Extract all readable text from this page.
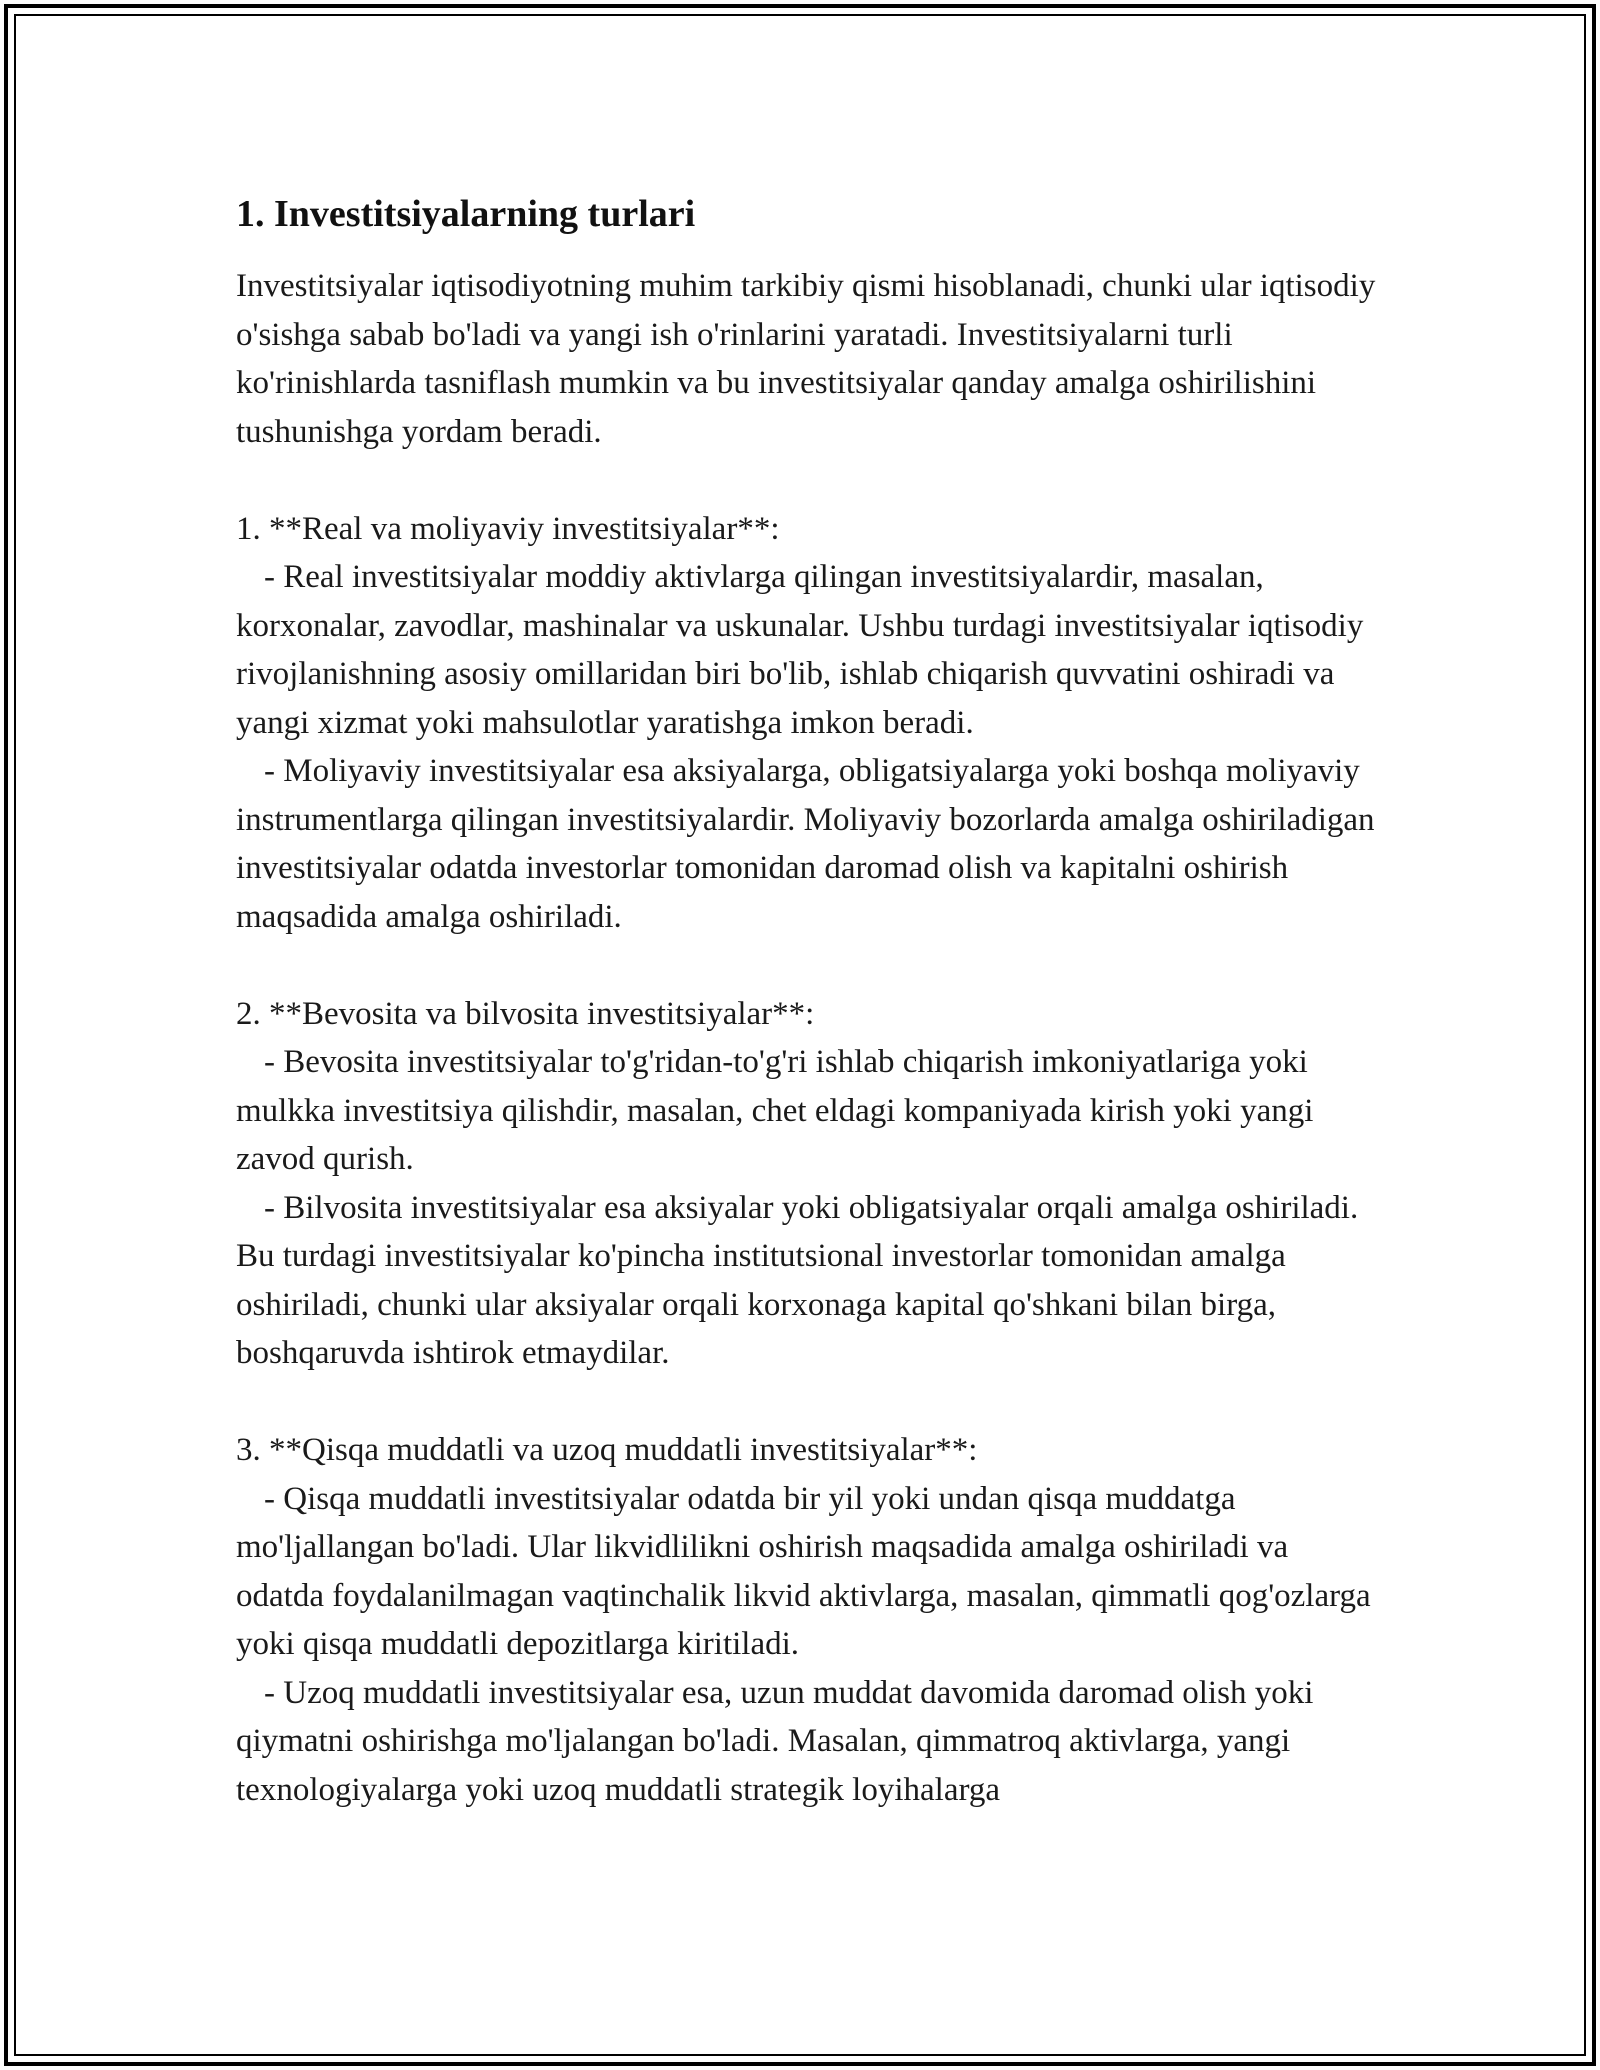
1. Investitsiyalarning turlari

Investitsiyalar iqtisodiyotning muhim tarkibiy qismi hisoblanadi, chunki ular iqtisodiy o'sishga sabab bo'ladi va yangi ish o'rinlarini yaratadi. Investitsiyalarni turli ko'rinishlarda tasniflash mumkin va bu investitsiyalar qanday amalga oshirilishini tushunishga yordam beradi.

1. **Real va moliyaviy investitsiyalar**:

- Real investitsiyalar moddiy aktivlarga qilingan investitsiyalardir, masalan, korxonalar, zavodlar, mashinalar va uskunalar. Ushbu turdagi investitsiyalar iqtisodiy rivojlanishning asosiy omillaridan biri bo'lib, ishlab chiqarish quvvatini oshiradi va yangi xizmat yoki mahsulotlar yaratishga imkon beradi.

- Moliyaviy investitsiyalar esa aksiyalarga, obligatsiyalarga yoki boshqa moliyaviy instrumentlarga qilingan investitsiyalardir. Moliyaviy bozorlarda amalga oshiriladigan investitsiyalar odatda investorlar tomonidan daromad olish va kapitalni oshirish maqsadida amalga oshiriladi.

2. **Bevosita va bilvosita investitsiyalar**:

- Bevosita investitsiyalar to'g'ridan-to'g'ri ishlab chiqarish imkoniyatlariga yoki mulkka investitsiya qilishdir, masalan, chet eldagi kompaniyada kirish yoki yangi zavod qurish.

- Bilvosita investitsiyalar esa aksiyalar yoki obligatsiyalar orqali amalga oshiriladi. Bu turdagi investitsiyalar ko'pincha institutsional investorlar tomonidan amalga oshiriladi, chunki ular aksiyalar orqali korxonaga kapital qo'shkani bilan birga, boshqaruvda ishtirok etmaydilar.

3. **Qisqa muddatli va uzoq muddatli investitsiyalar**:

- Qisqa muddatli investitsiyalar odatda bir yil yoki undan qisqa muddatga mo'ljallangan bo'ladi. Ular likvidlilikni oshirish maqsadida amalga oshiriladi va odatda foydalanilmagan vaqtinchalik likvid aktivlarga, masalan, qimmatli qog'ozlarga yoki qisqa muddatli depozitlarga kiritiladi.

- Uzoq muddatli investitsiyalar esa, uzun muddat davomida daromad olish yoki qiymatni oshirishga mo'ljalangan bo'ladi. Masalan, qimmatroq aktivlarga, yangi texnologiyalarga yoki uzoq muddatli strategik loyihalarga
